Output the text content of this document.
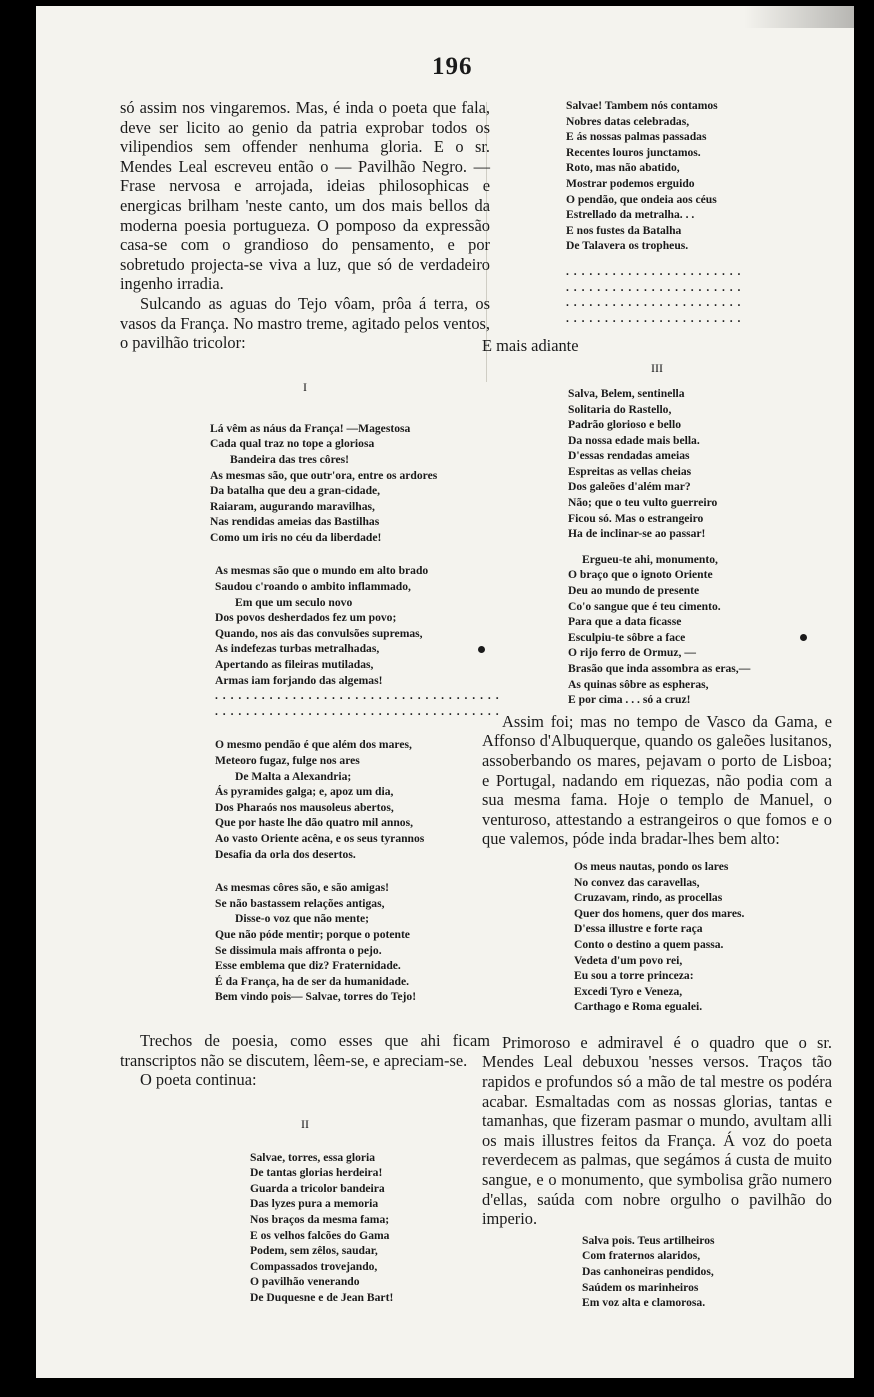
196

só assim nos vingaremos. Mas, é inda o poeta que fala, deve ser licito ao genio da patria exprobar todos os vilipendios sem offender nenhuma gloria. E o sr. Mendes Leal escreveu então o — Pavilhão Negro. — Frase nervosa e arrojada, ideias philosophicas e energicas brilham 'neste canto, um dos mais bellos da moderna poesia portugueza. O pomposo da expressão casa-se com o grandioso do pensamento, e por sobretudo projecta-se viva a luz, que só de verdadeiro ingenho irradia.

Sulcando as aguas do Tejo vôam, prôa á terra, os vasos da França. No mastro treme, agitado pelos ventos, o pavilhão tricolor:

I

Lá vêm as náus da França! —Magestosa
Cada qual traz no tope a gloriosa
Bandeira das tres côres!
As mesmas são, que outr'ora, entre os ardores
Da batalha que deu a gran-cidade,
Raiaram, augurando maravilhas,
Nas rendidas ameias das Bastilhas
Como um iris no céu da liberdade!
As mesmas são que o mundo em alto brado
Saudou c'roando o ambito inflammado,
Em que um seculo novo
Dos povos desherdados fez um povo;
Quando, nos ais das convulsões supremas,
As indefezas turbas metralhadas,
Apertando as fileiras mutiladas,
Armas iam forjando das algemas!
. . . . . . . . . . . . . . . . . . . . . . . . . . . . . . . . . . . . .
. . . . . . . . . . . . . . . . . . . . . . . . . . . . . . . . . . . . .
O mesmo pendão é que além dos mares,
Meteoro fugaz, fulge nos ares
De Malta a Alexandria;
Ás pyramides galga; e, apoz um dia,
Dos Pharaós nos mausoleus abertos,
Que por haste lhe dão quatro mil annos,
Ao vasto Oriente acêna, e os seus tyrannos
Desafia da orla dos desertos.
As mesmas côres são, e são amigas!
Se não bastassem relações antigas,
Disse-o voz que não mente;
Que não póde mentir; porque o potente
Se dissimula mais affronta o pejo.
Esse emblema que diz? Fraternidade.
É da França, ha de ser da humanidade.
Bem vindo pois— Salvae, torres do Tejo!

Trechos de poesia, como esses que ahi ficam transcriptos não se discutem, lêem-se, e apreciam-se.

O poeta continua:

II

Salvae, torres, essa gloria
De tantas glorias herdeira!
Guarda a tricolor bandeira
Das lyzes pura a memoria
Nos braços da mesma fama;
E os velhos falcões do Gama
Podem, sem zêlos, saudar,
Compassados trovejando,
O pavilhão venerando
De Duquesne e de Jean Bart!
Salvae! Tambem nós contamos
Nobres datas celebradas,
E ás nossas palmas passadas
Recentes louros junctamos.
Roto, mas não abatido,
Mostrar podemos erguido
O pendão, que ondeia aos céus
Estrellado da metralha. . .
E nos fustes da Batalha
De Talavera os tropheus.
. . . . . . . . . . . . . . . . . . . . . . .
. . . . . . . . . . . . . . . . . . . . . . .
. . . . . . . . . . . . . . . . . . . . . . .
. . . . . . . . . . . . . . . . . . . . . . .

E mais adiante

III

Salva, Belem, sentinella
Solitaria do Rastello,
Padrão glorioso e bello
Da nossa edade mais bella.
D'essas rendadas ameias
Espreitas as vellas cheias
Dos galeões d'além mar?
Não; que o teu vulto guerreiro
Ficou só. Mas o estrangeiro
Ha de inclinar-se ao passar!
Ergueu-te ahi, monumento,
O braço que o ignoto Oriente
Deu ao mundo de presente
Co'o sangue que é teu cimento.
Para que a data ficasse
Esculpiu-te sôbre a face
O rijo ferro de Ormuz, —
Brasão que inda assombra as eras,—
As quinas sôbre as espheras,
E por cima . . . só a cruz!

Assim foi; mas no tempo de Vasco da Gama, e Affonso d'Albuquerque, quando os galeões lusitanos, assoberbando os mares, pejavam o porto de Lisboa; e Portugal, nadando em riquezas, não podia com a sua mesma fama. Hoje o templo de Manuel, o venturoso, attestando a estrangeiros o que fomos e o que valemos, póde inda bradar-lhes bem alto:

Os meus nautas, pondo os lares
No convez das caravellas,
Cruzavam, rindo, as procellas
Quer dos homens, quer dos mares.
D'essa illustre e forte raça
Conto o destino a quem passa.
Vedeta d'um povo rei,
Eu sou a torre princeza:
Excedi Tyro e Veneza,
Carthago e Roma egualei.

Primoroso e admiravel é o quadro que o sr. Mendes Leal debuxou 'nesses versos. Traços tão rapidos e profundos só a mão de tal mestre os podéra acabar. Esmaltadas com as nossas glorias, tantas e tamanhas, que fizeram pasmar o mundo, avultam alli os mais illustres feitos da França. Á voz do poeta reverdecem as palmas, que segámos á custa de muito sangue, e o monumento, que symbolisa grão numero d'ellas, saúda com nobre orgulho o pavilhão do imperio.

Salva pois. Teus artilheiros
Com fraternos alaridos,
Das canhoneiras pendidos,
Saúdem os marinheiros
Em voz alta e clamorosa.
